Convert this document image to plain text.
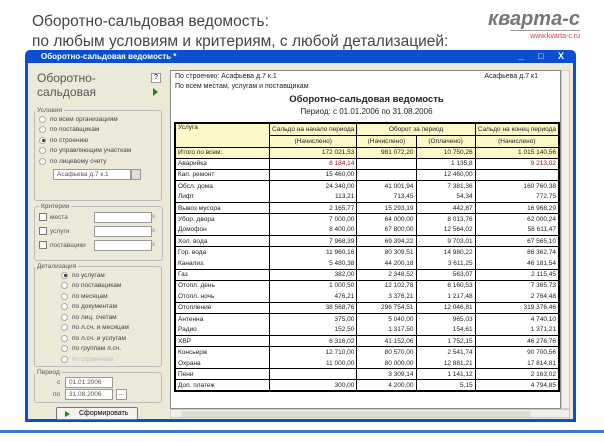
Оборотно-сальдовая ведомость:
по любым условиям и критериям, с любой детализацией:
кварта-с
www.kvarta-c.ru
Оборотно-сальдовая ведомость *	_ □ X
Оборотно-
сальдовая
?
Условия
по всем организациям
по поставщикам
по строению
по управляющим участкам
по лицевому счету
Асафьева д.7 к.1
Критерии
места	x
услуги	x
поставщики	x
Детализация
по услугам
по поставщикам
по месяцам
по документам
по лиц. счетам
по л.сч. и месяцам
по л.сч. и услугам
по группам л.сч.
по строениям
Период
с	01.01.2006
по	31.08.2006	...
Сформировать
По строению: Асафьева д.7 к.1
По всем местам, услугам и поставщикам
Асафьева д.7 к1
Оборотно-сальдовая ведомость
Период: с 01.01.2006 по 31.08.2006
Услуга	Сальдо на начало периода	Оборот за период		Сальдо на конец периода

	(Начислено)	(Начислено)	(Оплачено)	(Начислено)
Итого по всем:	172 021,53	981 072,20	10 750,26	1 015 140,56
Аварийка	8 184,14		1 135,8	9 213,02
Кап. ремонт	15 460,00		12 460,00	
Обсл. дома	24 340,00	41 001,94	7 381,36	160 760,38
Лифт	113,21	713,45	54,34	772,75
Вывоз мусора	2 165,77	15 293,19	442,87	16 968,29
Убор. двора	7 000,00	64 000,00	8 013,76	62 000,24
Домофон	8 400,00	67 800,00	12 564,02	58 611,47
Хол. вода	7 968,39	69 394,22	9 703,01	67 565,10
Гор. вода	11 960,16	80 309,51	14 980,22	86 362,74
Канализ.	5 480,38	44 200,18	3 611,25	46 181,54
Газ	382,00	2 348,52	563,07	2 115,45
Отопл. день	1 000,50	12 102,78	6 160,53	7 365,73
Отопл. ночь	476,21	3 376,21	1 217,48	2 764,48
Отопление	38 568,76	296 754,51	12 046,81	319 376,46
Антенна	375,00	5 040,00	965,03	4 740,10
Радио	152,50	1 317,50	154,61	1 371,21
ХВР	6 316,02	41 152,06	1 752,15	46 276,76
Консьерж	12 710,00	80 570,00	2 541,74	90 700,56
Охрана	11 000,00	80 000,00	12 881,21	17 814,81
Пени		3 309,14	1 141,12	2 163,02
Доп. платеж	300,00	4 200,00	5,15	4 794,85
